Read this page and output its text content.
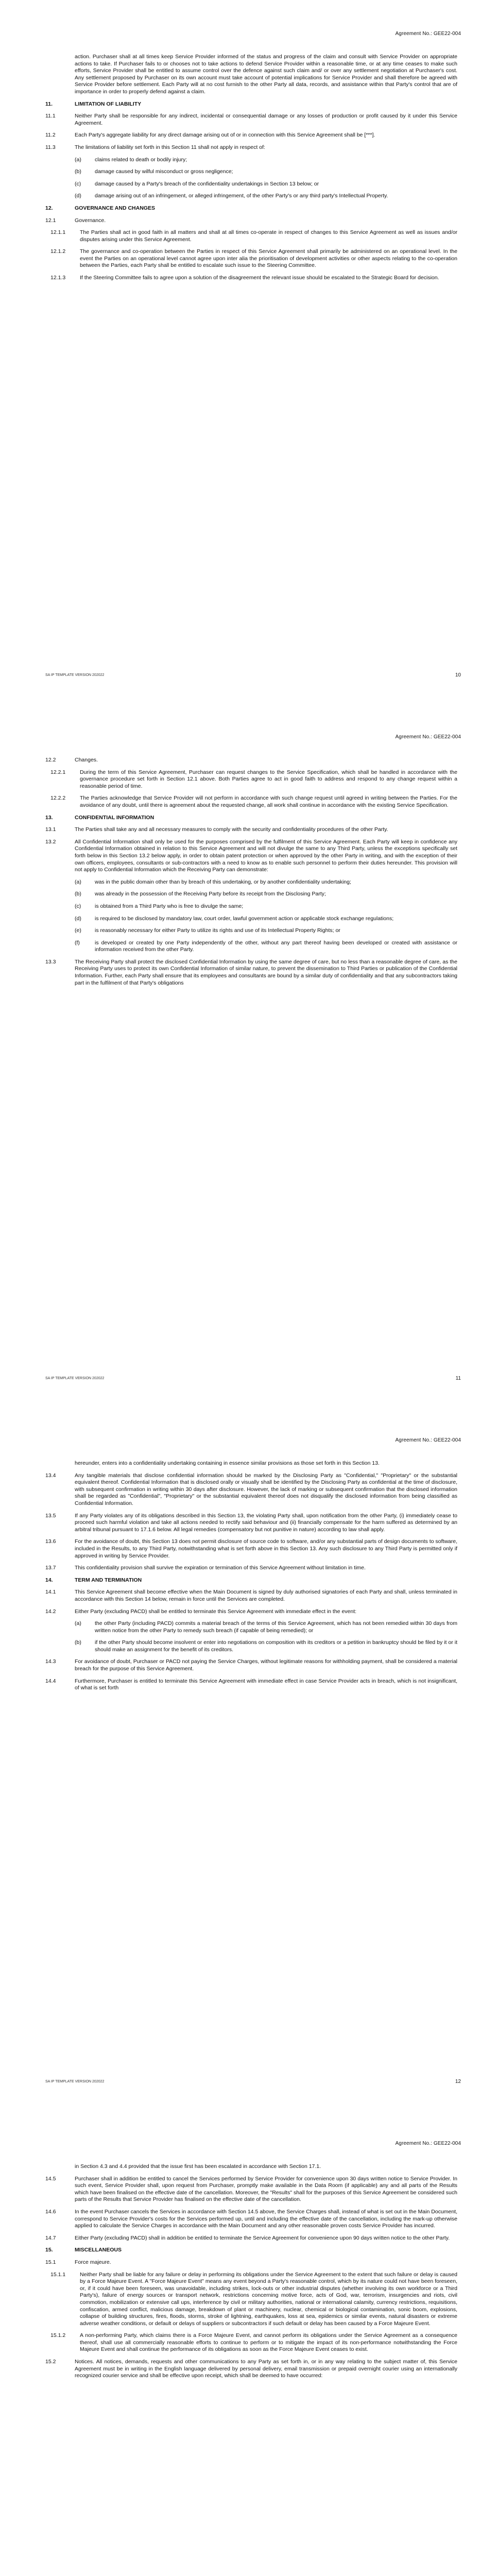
Agreement No.: GEE22-004
action. Purchaser shall at all times keep Service Provider informed of the status and progress of the claim and consult with Service Provider on appropriate actions to take. If Purchaser fails to or chooses not to take actions to defend Service Provider within a reasonable time, or at any time ceases to make such efforts, Service Provider shall be entitled to assume control over the defence against such claim and/ or over any settlement negotiation at Purchaser's cost. Any settlement proposed by Purchaser on its own account must take account of potential implications for Service Provider and shall therefore be agreed with Service Provider before settlement. Each Party will at no cost furnish to the other Party all data, records, and assistance within that Party's control that are of importance in order to properly defend against a claim.
11.	LIMITATION OF LIABILITY
11.1	Neither Party shall be responsible for any indirect, incidental or consequential damage or any losses of production or profit caused by it under this Service Agreement.
11.2	Each Party's aggregate liability for any direct damage arising out of or in connection with this Service Agreement shall be [***].
11.3	The limitations of liability set forth in this Section 11 shall not apply in respect of:
(a) claims related to death or bodily injury;
(b) damage caused by wilful misconduct or gross negligence;
(c)	damage caused by a Party's breach of the confidentiality undertakings in Section 13 below; or
(d) damage arising out of an infringement, or alleged infringement, of the other Party's or any third party's Intellectual Property.
12.	GOVERNANCE AND CHANGES
12.1	Governance.
12.1.1	The Parties shall act in good faith in all matters and shall at all times co-operate in respect of changes to this Service Agreement as well as issues and/or disputes arising under this Service Agreement.
12.1.2	The governance and co-operation between the Parties in respect of this Service Agreement shall primarily be administered on an operational level. In the event the Parties on an operational level cannot agree upon inter alia the prioritisation of development activities or other aspects relating to the co-operation between the Parties, each Party shall be entitled to escalate such issue to the Steering Committee.
12.1.3	If the Steering Committee fails to agree upon a solution of the disagreement the relevant issue should be escalated to the Strategic Board for decision.
SA IP TEMPLATE VERSION 202022	10
Agreement No.: GEE22-004
12.2	Changes.
12.2.1	During the term of this Service Agreement, Purchaser can request changes to the Service Specification, which shall be handled in accordance with the governance procedure set forth in Section 12.1 above. Both Parties agree to act in good faith to address and respond to any change request within a reasonable period of time.
12.2.2	The Parties acknowledge that Service Provider will not perform in accordance with such change request until agreed in writing between the Parties. For the avoidance of any doubt, until there is agreement about the requested change, all work shall continue in accordance with the existing Service Specification.
13.	CONFIDENTIAL INFORMATION
13.1	The Parties shall take any and all necessary measures to comply with the security and confidentiality procedures of the other Party.
13.2	All Confidential Information shall only be used for the purposes comprised by the fulfilment of this Service Agreement. Each Party will keep in confidence any Confidential Information obtained in relation to this Service Agreement and will not divulge the same to any Third Party, unless the exceptions specifically set forth below in this Section 13.2 below apply, in order to obtain patent protection or when approved by the other Party in writing, and with the exception of their own officers, employees, consultants or sub-contractors with a need to know as to enable such personnel to perform their duties hereunder. This provision will not apply to Confidential Information which the Receiving Party can demonstrate:
(a) was in the public domain other than by breach of this undertaking, or by another confidentiality undertaking;
(b) was already in the possession of the Receiving Party before its receipt from the Disclosing Party;
(c)	is obtained from a Third Party who is free to divulge the same;
(d) is required to be disclosed by mandatory law, court order, lawful government action or applicable stock exchange regulations;
(e) is reasonably necessary for either Party to utilize its rights and use of its Intellectual Property Rights; or
(f)	is developed or created by one Party independently of the other, without any part thereof having been developed or created with assistance or information received from the other Party.
13.3	The Receiving Party shall protect the disclosed Confidential Information by using the same degree of care, but no less than a reasonable degree of care, as the Receiving Party uses to protect its own Confidential Information of similar nature, to prevent the dissemination to Third Parties or publication of the Confidential Information. Further, each Party shall ensure that its employees and consultants are bound by a similar duty of confidentiality and that any subcontractors taking part in the fulfilment of that Party's obligations
SA IP TEMPLATE VERSION 202022	11
Agreement No.: GEE22-004
hereunder, enters into a confidentiality undertaking containing in essence similar provisions as those set forth in this Section 13.
13.4	Any tangible materials that disclose confidential information should be marked by the Disclosing Party as "Confidential," "Proprietary" or the substantial equivalent thereof. Confidential Information that is disclosed orally or visually shall be identified by the Disclosing Party as confidential at the time of disclosure, with subsequent confirmation in writing within 30 days after disclosure. However, the lack of marking or subsequent confirmation that the disclosed information shall be regarded as "Confidential", "Proprietary" or the substantial equivalent thereof does not disqualify the disclosed information from being classified as Confidential Information.
13.5	If any Party violates any of its obligations described in this Section 13, the violating Party shall, upon notification from the other Party, (i) immediately cease to proceed such harmful violation and take all actions needed to rectify said behaviour and (ii) financially compensate for the harm suffered as determined by an arbitral tribunal pursuant to 17.1.6 below. All legal remedies (compensatory but not punitive in nature) according to law shall apply.
13.6	For the avoidance of doubt, this Section 13 does not permit disclosure of source code to software, and/or any substantial parts of design documents to software, included in the Results, to any Third Party, notwithstanding what is set forth above in this Section 13. Any such disclosure to any Third Party is permitted only if approved in writing by Service Provider.
13.7	This confidentiality provision shall survive the expiration or termination of this Service Agreement without limitation in time.
14.	TERM AND TERMINATION
14.1	This Service Agreement shall become effective when the Main Document is signed by duly authorised signatories of each Party and shall, unless terminated in accordance with this Section 14 below, remain in force until the Services are completed.
14.2	Either Party (excluding PACD) shall be entitled to terminate this Service Agreement with immediate effect in the event:
(a) the other Party (including PACD) commits a material breach of the terms of this Service Agreement, which has not been remedied within 30 days from written notice from the other Party to remedy such breach (if capable of being remedied); or
(b) if the other Party should become insolvent or enter into negotiations on composition with its creditors or a petition in bankruptcy should be filed by it or it should make an assignment for the benefit of its creditors.
14.3	For avoidance of doubt, Purchaser or PACD not paying the Service Charges, without legitimate reasons for withholding payment, shall be considered a material breach for the purpose of this Service Agreement.
14.4	Furthermore, Purchaser is entitled to terminate this Service Agreement with immediate effect in case Service Provider acts in breach, which is not insignificant, of what is set forth
SA IP TEMPLATE VERSION 202022	12
Agreement No.: GEE22-004
in Section 4.3 and 4.4 provided that the issue first has been escalated in accordance with Section 17.1.
14.5	Purchaser shall in addition be entitled to cancel the Services performed by Service Provider for convenience upon 30 days written notice to Service Provider. In such event, Service Provider shall, upon request from Purchaser, promptly make available in the Data Room (if applicable) any and all parts of the Results which have been finalised on the effective date of the cancellation. Moreover, the "Results" shall for the purposes of this Service Agreement be considered such parts of the Results that Service Provider has finalised on the effective date of the cancellation.
14.6	In the event Purchaser cancels the Services in accordance with Section 14.5 above, the Service Charges shall, instead of what is set out in the Main Document, correspond to Service Provider's costs for the Services performed up, until and including the effective date of the cancellation, including the mark-up otherwise applied to calculate the Service Charges in accordance with the Main Document and any other reasonable proven costs Service Provider has incurred.
14.7	Either Party (excluding PACD) shall in addition be entitled to terminate the Service Agreement for convenience upon 90 days written notice to the other Party.
15.	MISCELLANEOUS
15.1	Force majeure.
15.1.1	Neither Party shall be liable for any failure or delay in performing its obligations under the Service Agreement to the extent that such failure or delay is caused by a Force Majeure Event. A "Force Majeure Event" means any event beyond a Party's reasonable control, which by its nature could not have been foreseen, or, if it could have been foreseen, was unavoidable, including strikes, lock-outs or other industrial disputes (whether involving its own workforce or a Third Party's), failure of energy sources or transport network, restrictions concerning motive force, acts of God, war, terrorism, insurgencies and riots, civil commotion, mobilization or extensive call ups, interference by civil or military authorities, national or international calamity, currency restrictions, requisitions, confiscation, armed conflict, malicious damage, breakdown of plant or machinery, nuclear, chemical or biological contamination, sonic boom, explosions, collapse of building structures, fires, floods, storms, stroke of lightning, earthquakes, loss at sea, epidemics or similar events, natural disasters or extreme adverse weather conditions, or default or delays of suppliers or subcontractors if such default or delay has been caused by a Force Majeure Event.
15.1.2	A non-performing Party, which claims there is a Force Majeure Event, and cannot perform its obligations under the Service Agreement as a consequence thereof, shall use all commercially reasonable efforts to continue to perform or to mitigate the impact of its non-performance notwithstanding the Force Majeure Event and shall continue the performance of its obligations as soon as the Force Majeure Event ceases to exist.
15.2	Notices. All notices, demands, requests and other communications to any Party as set forth in, or in any way relating to the subject matter of, this Service Agreement must be in writing in the English language delivered by personal delivery, email transmission or prepaid overnight courier using an internationally recognized courier service and shall be effective upon receipt, which shall be deemed to have occurred:
